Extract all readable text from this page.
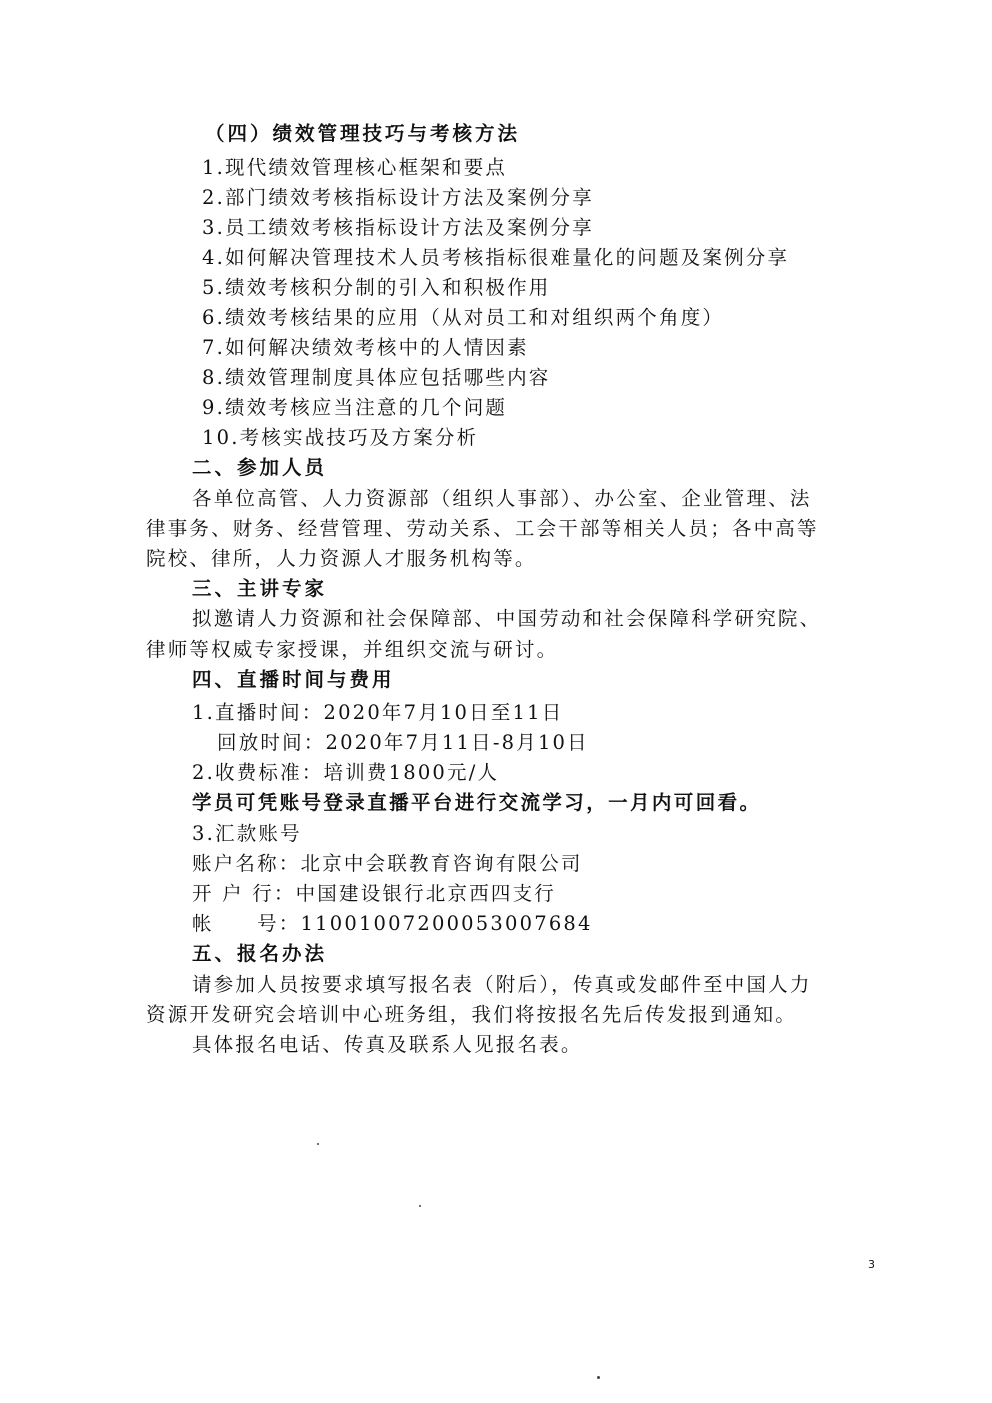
（四）绩效管理技巧与考核方法
1.现代绩效管理核心框架和要点
2.部门绩效考核指标设计方法及案例分享
3.员工绩效考核指标设计方法及案例分享
4.如何解决管理技术人员考核指标很难量化的问题及案例分享
5.绩效考核积分制的引入和积极作用
6.绩效考核结果的应用（从对员工和对组织两个角度）
7.如何解决绩效考核中的人情因素
8.绩效管理制度具体应包括哪些内容
9.绩效考核应当注意的几个问题
10.考核实战技巧及方案分析
二、参加人员
各单位高管、人力资源部（组织人事部）、办公室、企业管理、法
律事务、财务、经营管理、劳动关系、工会干部等相关人员；各中高等
院校、律所，人力资源人才服务机构等。
三、主讲专家
拟邀请人力资源和社会保障部、中国劳动和社会保障科学研究院、
律师等权威专家授课，并组织交流与研讨。
四、直播时间与费用
1.直播时间：2020年7月10日至11日
回放时间：2020年7月11日-8月10日
2.收费标准：培训费1800元/人
学员可凭账号登录直播平台进行交流学习，一月内可回看。
3.汇款账号
账户名称：北京中会联教育咨询有限公司
开 户 行：中国建设银行北京西四支行
帐　　号：11001007200053007684
五、报名办法
请参加人员按要求填写报名表（附后），传真或发邮件至中国人力
资源开发研究会培训中心班务组，我们将按报名先后传发报到通知。
具体报名电话、传真及联系人见报名表。
3
